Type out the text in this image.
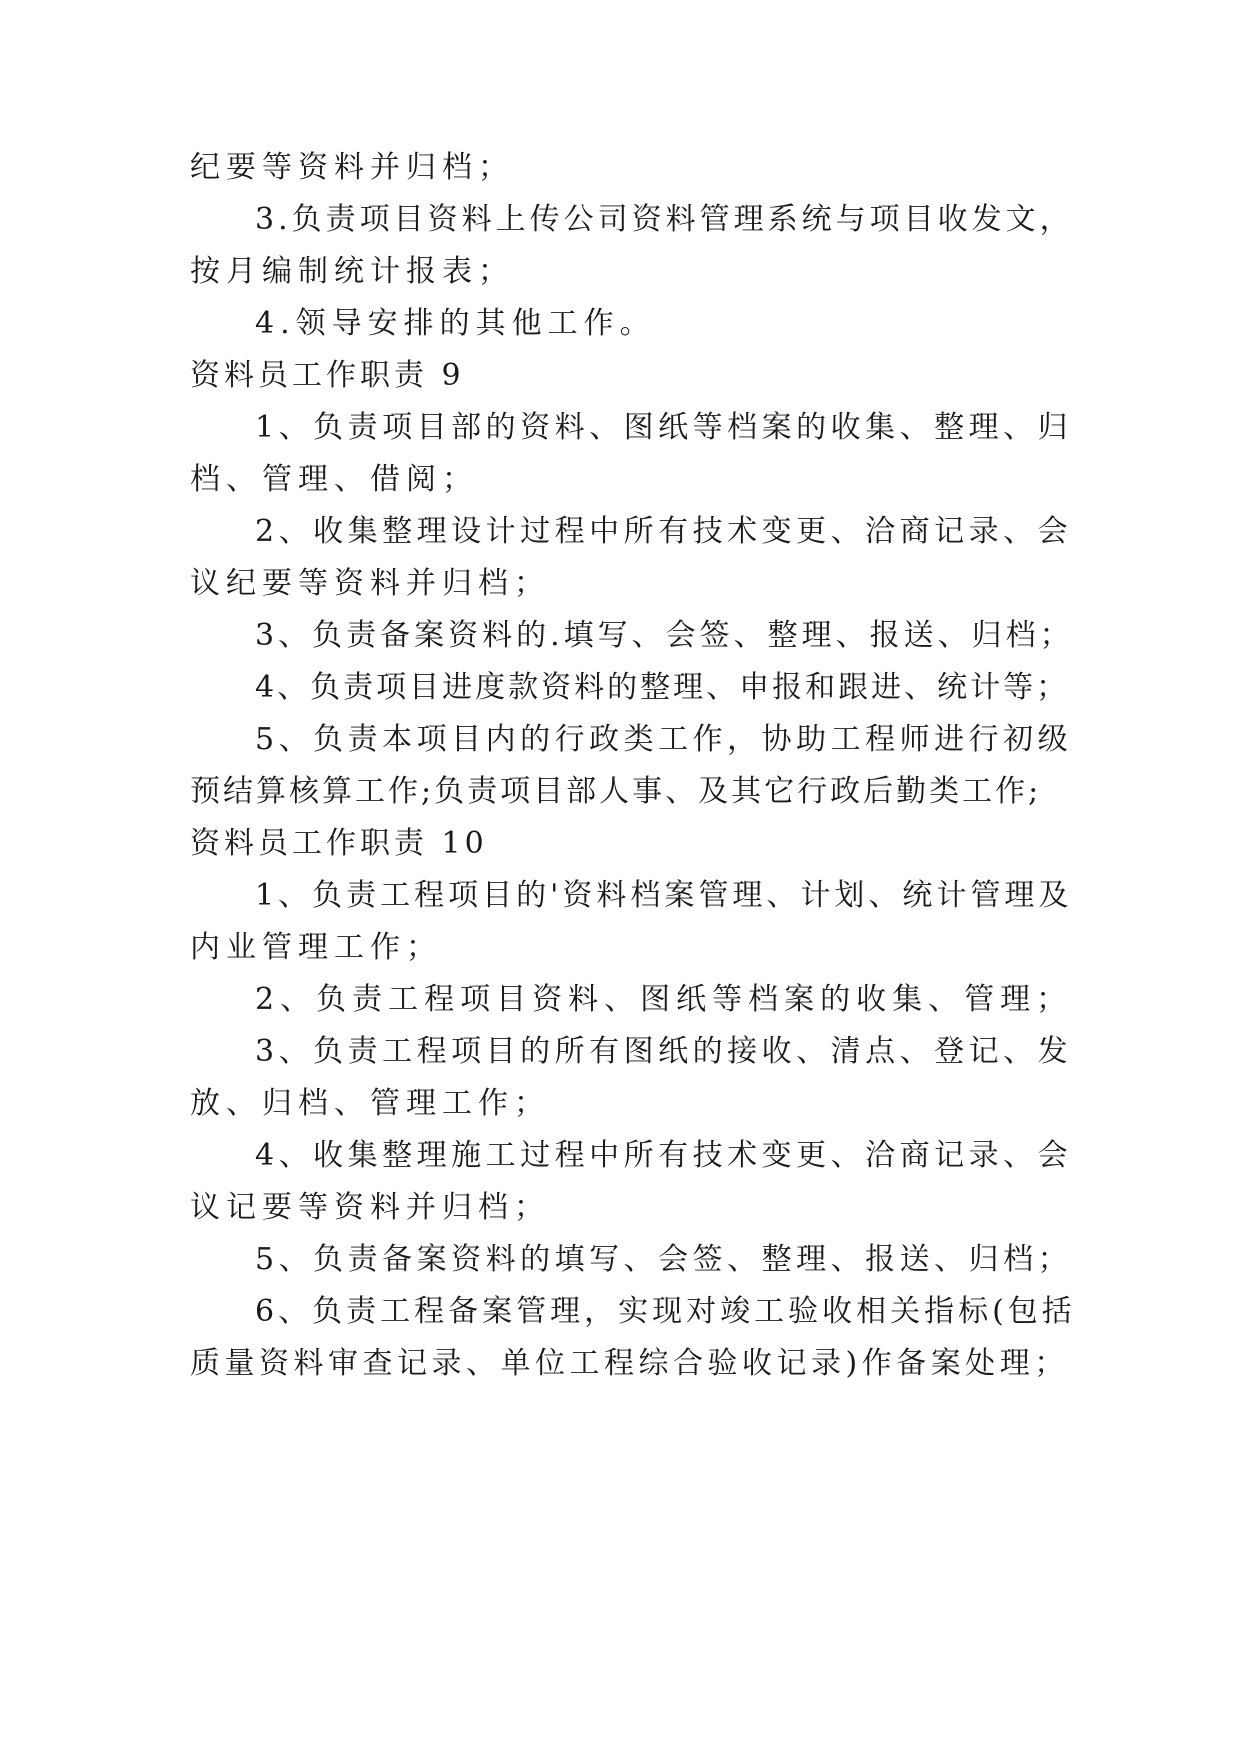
纪要等资料并归档；
3.负责项目资料上传公司资料管理系统与项目收发文，
按月编制统计报表；
4.领导安排的其他工作。
资料员工作职责 9
1、负责项目部的资料、图纸等档案的收集、整理、归
档、管理、借阅；
2、收集整理设计过程中所有技术变更、洽商记录、会
议纪要等资料并归档；
3、负责备案资料的.填写、会签、整理、报送、归档；
4、负责项目进度款资料的整理、申报和跟进、统计等；
5、负责本项目内的行政类工作，协助工程师进行初级
预结算核算工作;负责项目部人事、及其它行政后勤类工作;
资料员工作职责 10
1、负责工程项目的'资料档案管理、计划、统计管理及
内业管理工作；
2、负责工程项目资料、图纸等档案的收集、管理；
3、负责工程项目的所有图纸的接收、清点、登记、发
放、归档、管理工作；
4、收集整理施工过程中所有技术变更、洽商记录、会
议记要等资料并归档；
5、负责备案资料的填写、会签、整理、报送、归档；
6、负责工程备案管理，实现对竣工验收相关指标(包括
质量资料审查记录、单位工程综合验收记录)作备案处理；
